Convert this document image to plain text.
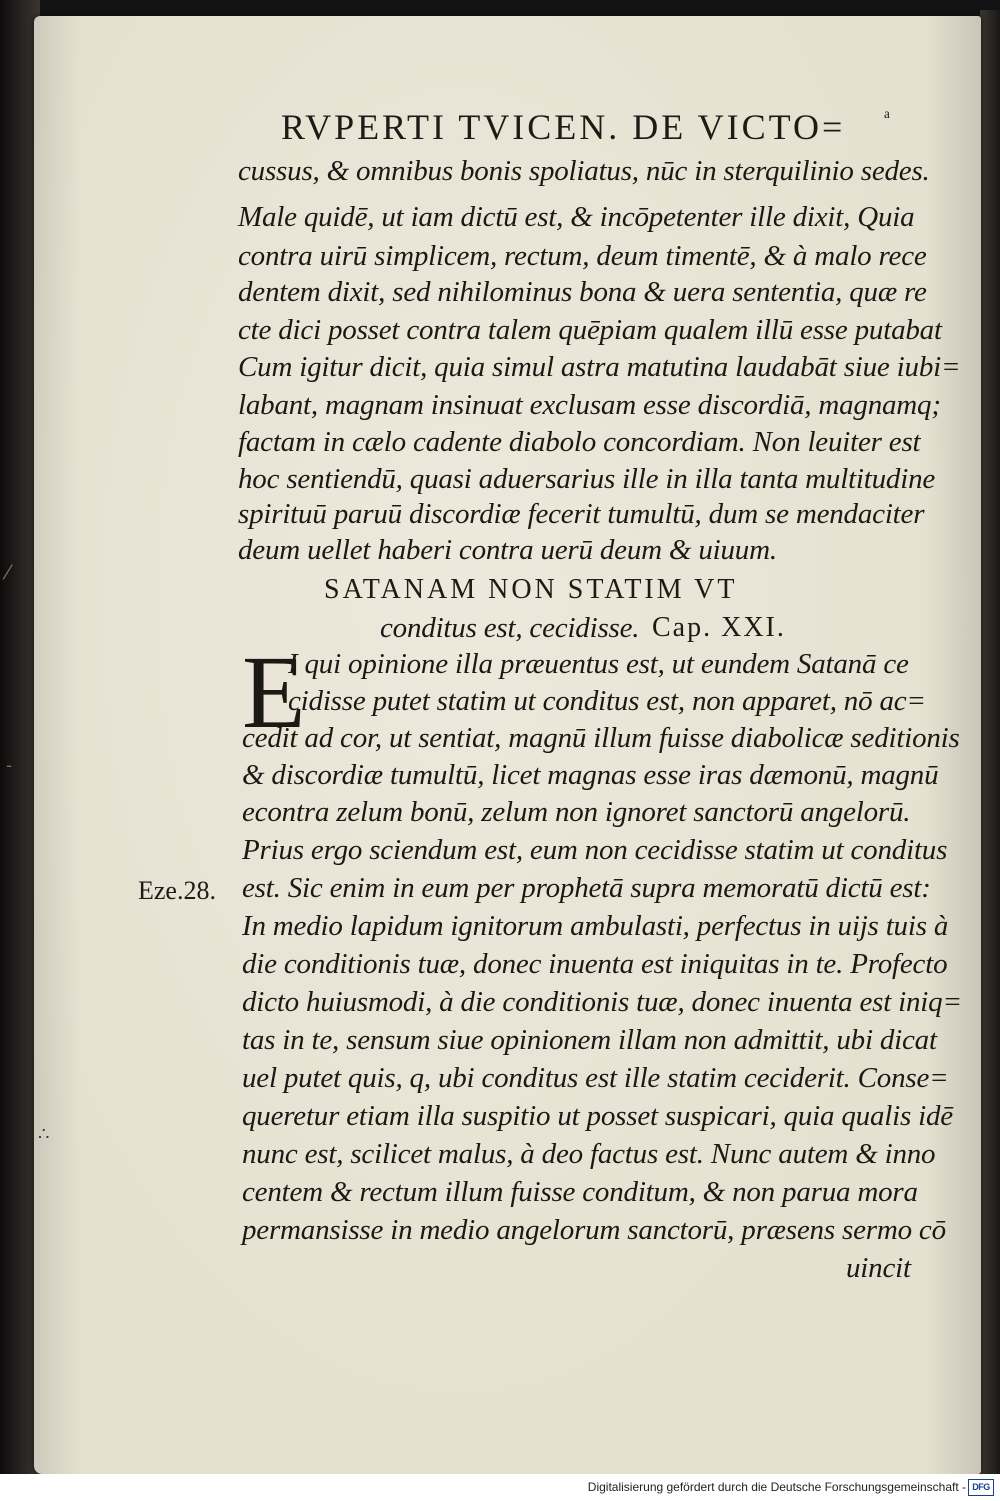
⁄
-
RVPERTI TVICEN. DE VICTO= ᵃ
cussus, & omnibus bonis spoliatus, nūc in sterquilinio sedes.
Male quidē, ut iam dictū est, & incōpetenter ille dixit, Quia
contra uirū simplicem, rectum, deum timentē, & à malo rece
dentem dixit, sed nihilominus bona & uera sententia, quæ re
cte dici posset contra talem quēpiam qualem illū esse putabat
Cum igitur dicit, quia simul astra matutina laudabāt siue iubi=
labant, magnam insinuat exclusam esse discordiā, magnamq;
factam in cælo cadente diabolo concordiam. Non leuiter est
hoc sentiendū, quasi aduersarius ille in illa tanta multitudine
spirituū paruū discordiæ fecerit tumultū, dum se mendaciter
deum uellet haberi contra uerū deum & uiuum.
SATANAM NON STATIM VT
conditus est, cecidisse. Cap. XXI.
E
I qui opinione illa præuentus est, ut eundem Satanā ce
cidisse putet statim ut conditus est, non apparet, nō ac=
cedit ad cor, ut sentiat, magnū illum fuisse diabolicæ seditionis
& discordiæ tumultū, licet magnas esse iras dæmonū, magnū
econtra zelum bonū, zelum non ignoret sanctorū angelorū.
Prius ergo sciendum est, eum non cecidisse statim ut conditus
est. Sic enim in eum per prophetā supra memoratū dictū est:
In medio lapidum ignitorum ambulasti, perfectus in uijs tuis à
die conditionis tuæ, donec inuenta est iniquitas in te. Profecto
dicto huiusmodi, à die conditionis tuæ, donec inuenta est iniq=
tas in te, sensum siue opinionem illam non admittit, ubi dicat
uel putet quis, q, ubi conditus est ille statim ceciderit. Conse=
queretur etiam illa suspitio ut posset suspicari, quia qualis idē
nunc est, scilicet malus, à deo factus est. Nunc autem & inno
centem & rectum illum fuisse conditum, & non parua mora
permansisse in medio angelorum sanctorū, præsens sermo cō
uincit
Eze.28.
∴
Digitalisierung gefördert durch die Deutsche Forschungsgemeinschaft - DFG
